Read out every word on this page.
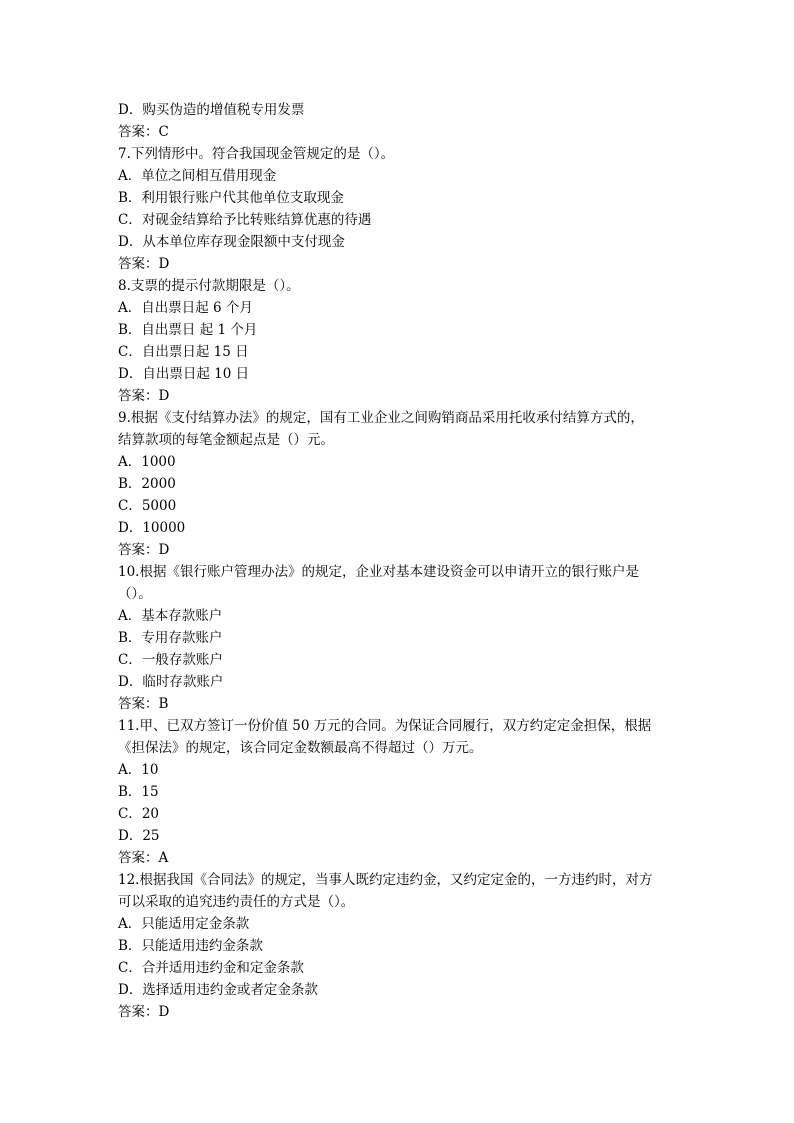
D．购买伪造的增值税专用发票

答案：C

7.下列情形中。符合我国现金管规定的是（）。

A．单位之间相互借用现金

B．利用银行账户代其他单位支取现金

C．对砚金结算给予比转账结算优惠的待遇

D．从本单位库存现金限额中支付现金

答案：D

8.支票的提示付款期限是（）。

A．自出票日起 6 个月

B．自出票日 起 1 个月

C．自出票日起 15 日

D．自出票日起 10 日

答案：D

9.根据《支付结算办法》的规定，国有工业企业之间购销商品采用托收承付结算方式的，

结算款项的每笔金额起点是（）元。

A．1000

B．2000

C．5000

D．10000

答案：D

10.根据《银行账户管理办法》的规定，企业对基本建设资金可以申请开立的银行账户是

（）。

A．基本存款账户

B．专用存款账户

C．一般存款账户

D．临时存款账户

答案：B

11.甲、已双方签订一份价值 50 万元的合同。为保证合同履行，双方约定定金担保，根据

《担保法》的规定，该合同定金数额最高不得超过（）万元。

A．10

B．15

C．20

D．25

答案：A

12.根据我国《合同法》的规定，当事人既约定违约金，又约定定金的，一方违约时，对方

可以采取的追究违约责任的方式是（）。

A．只能适用定金条款

B．只能适用违约金条款

C．合并适用违约金和定金条款

D．选择适用违约金或者定金条款

答案：D
